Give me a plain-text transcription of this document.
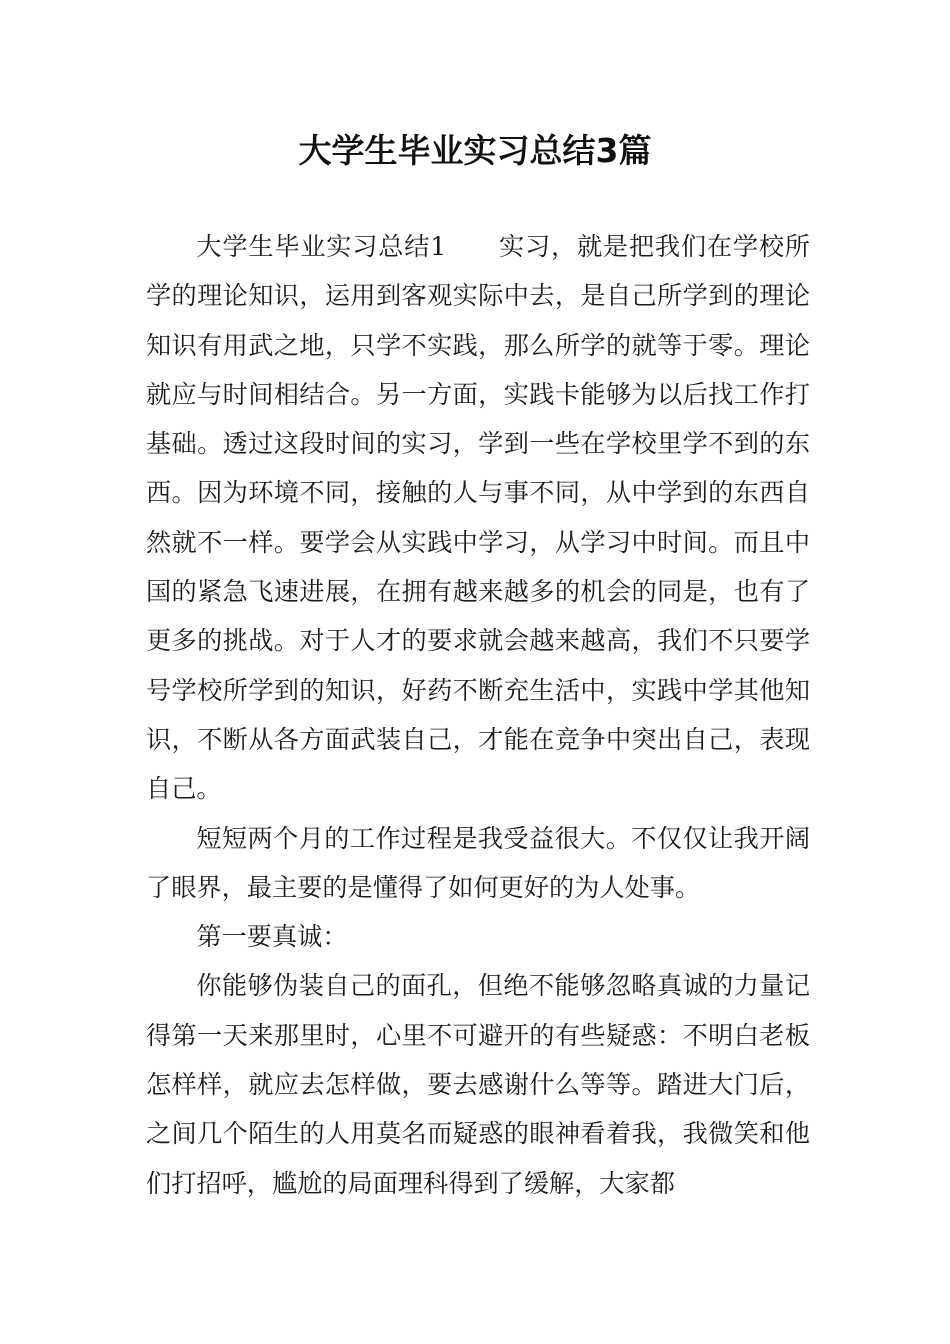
大学生毕业实习总结3篇

大学生毕业实习总结1　　实习，就是把我们在学校所学的理论知识，运用到客观实际中去，是自己所学到的理论知识有用武之地，只学不实践，那么所学的就等于零。理论就应与时间相结合。另一方面，实践卡能够为以后找工作打基础。透过这段时间的实习，学到一些在学校里学不到的东西。因为环境不同，接触的人与事不同，从中学到的东西自然就不一样。要学会从实践中学习，从学习中时间。而且中国的紧急飞速进展，在拥有越来越多的机会的同是，也有了更多的挑战。对于人才的要求就会越来越高，我们不只要学号学校所学到的知识，好药不断充生活中，实践中学其他知识，不断从各方面武装自己，才能在竞争中突出自己，表现自己。

短短两个月的工作过程是我受益很大。不仅仅让我开阔了眼界，最主要的是懂得了如何更好的为人处事。

第一要真诚：

你能够伪装自己的面孔，但绝不能够忽略真诚的力量记得第一天来那里时，心里不可避开的有些疑惑：不明白老板怎样样，就应去怎样做，要去感谢什么等等。踏进大门后，之间几个陌生的人用莫名而疑惑的眼神看着我，我微笑和他们打招呼，尴尬的局面理科得到了缓解，大家都
